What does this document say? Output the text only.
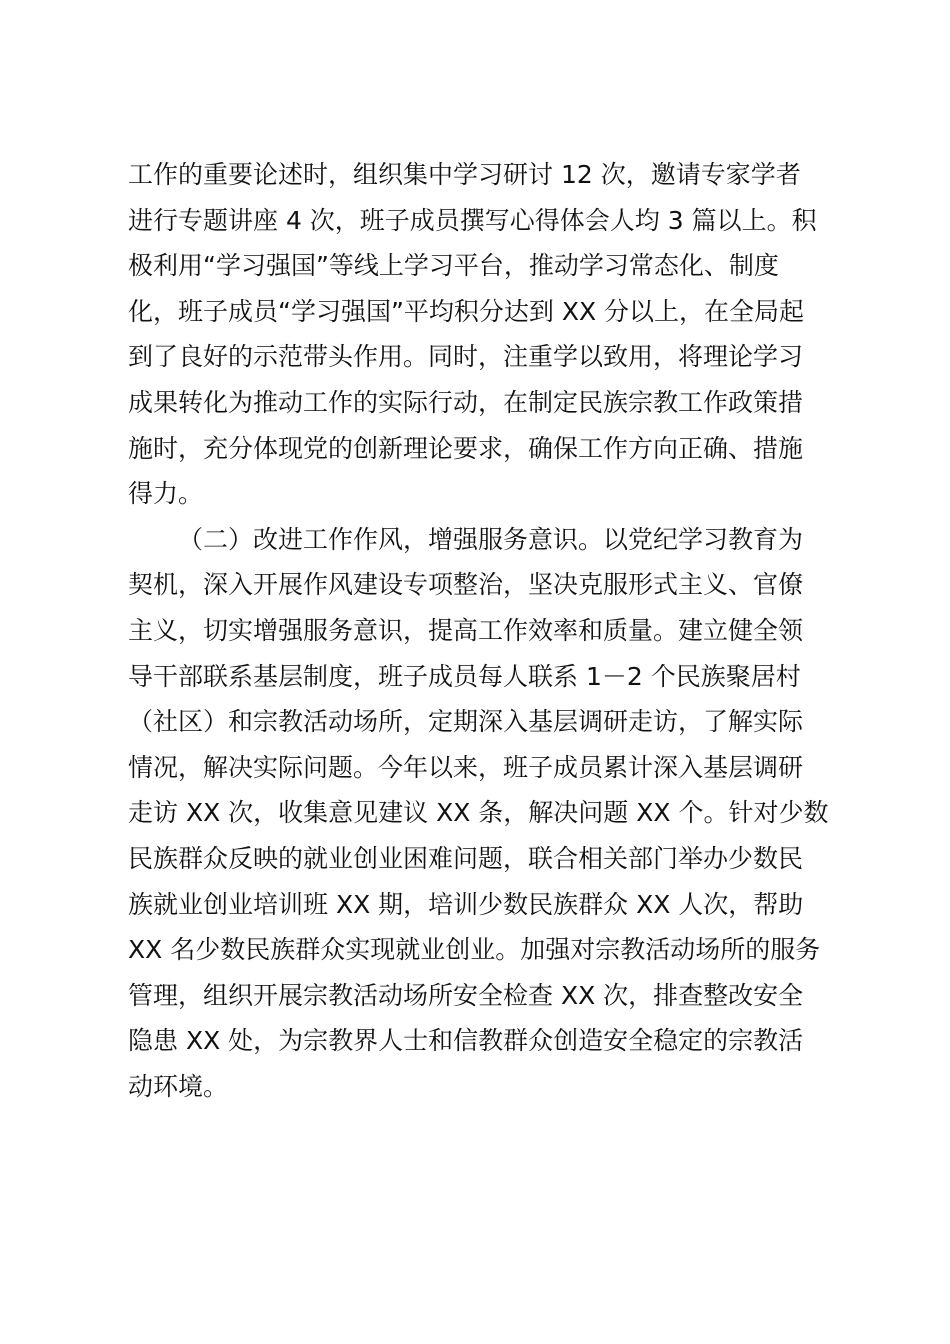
工作的重要论述时，组织集中学习研讨 12 次，邀请专家学者
进行专题讲座 4 次，班子成员撰写心得体会人均 3 篇以上。积
极利用“学习强国”等线上学习平台，推动学习常态化、制度
化，班子成员“学习强国”平均积分达到 XX 分以上，在全局起
到了良好的示范带头作用。同时，注重学以致用，将理论学习
成果转化为推动工作的实际行动，在制定民族宗教工作政策措
施时，充分体现党的创新理论要求，确保工作方向正确、措施
得力。
（二）改进工作作风，增强服务意识。以党纪学习教育为
契机，深入开展作风建设专项整治，坚决克服形式主义、官僚
主义，切实增强服务意识，提高工作效率和质量。建立健全领
导干部联系基层制度，班子成员每人联系 1－2 个民族聚居村
（社区）和宗教活动场所，定期深入基层调研走访，了解实际
情况，解决实际问题。今年以来，班子成员累计深入基层调研
走访 XX 次，收集意见建议 XX 条，解决问题 XX 个。针对少数
民族群众反映的就业创业困难问题，联合相关部门举办少数民
族就业创业培训班 XX 期，培训少数民族群众 XX 人次，帮助
XX 名少数民族群众实现就业创业。加强对宗教活动场所的服务
管理，组织开展宗教活动场所安全检查 XX 次，排查整改安全
隐患 XX 处，为宗教界人士和信教群众创造安全稳定的宗教活
动环境。
